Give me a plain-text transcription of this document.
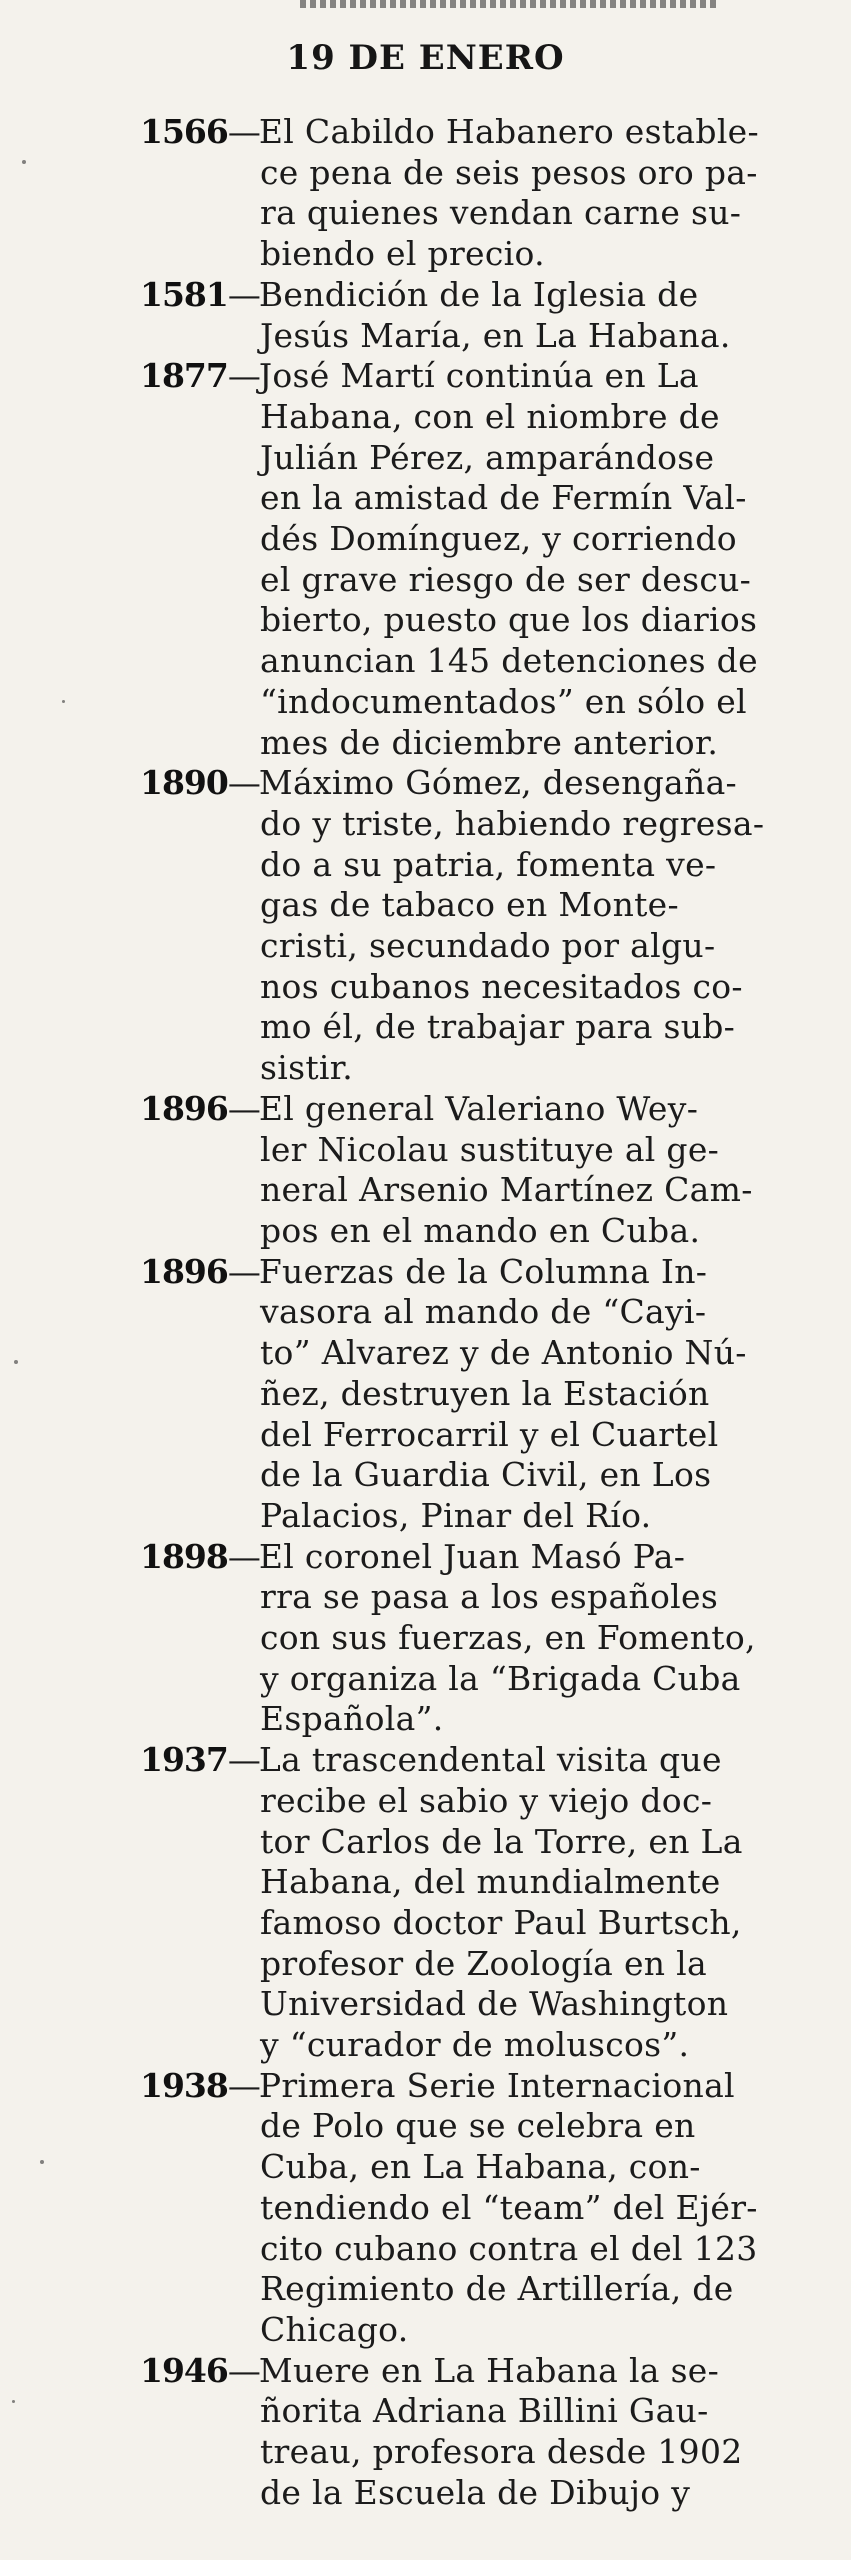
19 DE ENERO
1566—El Cabildo Habanero estable-
ce pena de seis pesos oro pa-
ra quienes vendan carne su-
biendo el precio.
1581—Bendición de la Iglesia de
Jesús María, en La Habana.
1877—José Martí continúa en La
Habana, con el niombre de
Julián Pérez, amparándose
en la amistad de Fermín Val-
dés Domínguez, y corriendo
el grave riesgo de ser descu-
bierto, puesto que los diarios
anuncian 145 detenciones de
“indocumentados” en sólo el
mes de diciembre anterior.
1890—Máximo Gómez, desengaña-
do y triste, habiendo regresa-
do a su patria, fomenta ve-
gas de tabaco en Monte-
cristi, secundado por algu-
nos cubanos necesitados co-
mo él, de trabajar para sub-
sistir.
1896—El general Valeriano Wey-
ler Nicolau sustituye al ge-
neral Arsenio Martínez Cam-
pos en el mando en Cuba.
1896—Fuerzas de la Columna In-
vasora al mando de “Cayi-
to” Alvarez y de Antonio Nú-
ñez, destruyen la Estación
del Ferrocarril y el Cuartel
de la Guardia Civil, en Los
Palacios, Pinar del Río.
1898—El coronel Juan Masó Pa-
rra se pasa a los españoles
con sus fuerzas, en Fomento,
y organiza la “Brigada Cuba
Española”.
1937—La trascendental visita que
recibe el sabio y viejo doc-
tor Carlos de la Torre, en La
Habana, del mundialmente
famoso doctor Paul Burtsch,
profesor de Zoología en la
Universidad de Washington
y “curador de moluscos”.
1938—Primera Serie Internacional
de Polo que se celebra en
Cuba, en La Habana, con-
tendiendo el “team” del Ejér-
cito cubano contra el del 123
Regimiento de Artillería, de
Chicago.
1946—Muere en La Habana la se-
ñorita Adriana Billini Gau-
treau, profesora desde 1902
de la Escuela de Dibujo y
